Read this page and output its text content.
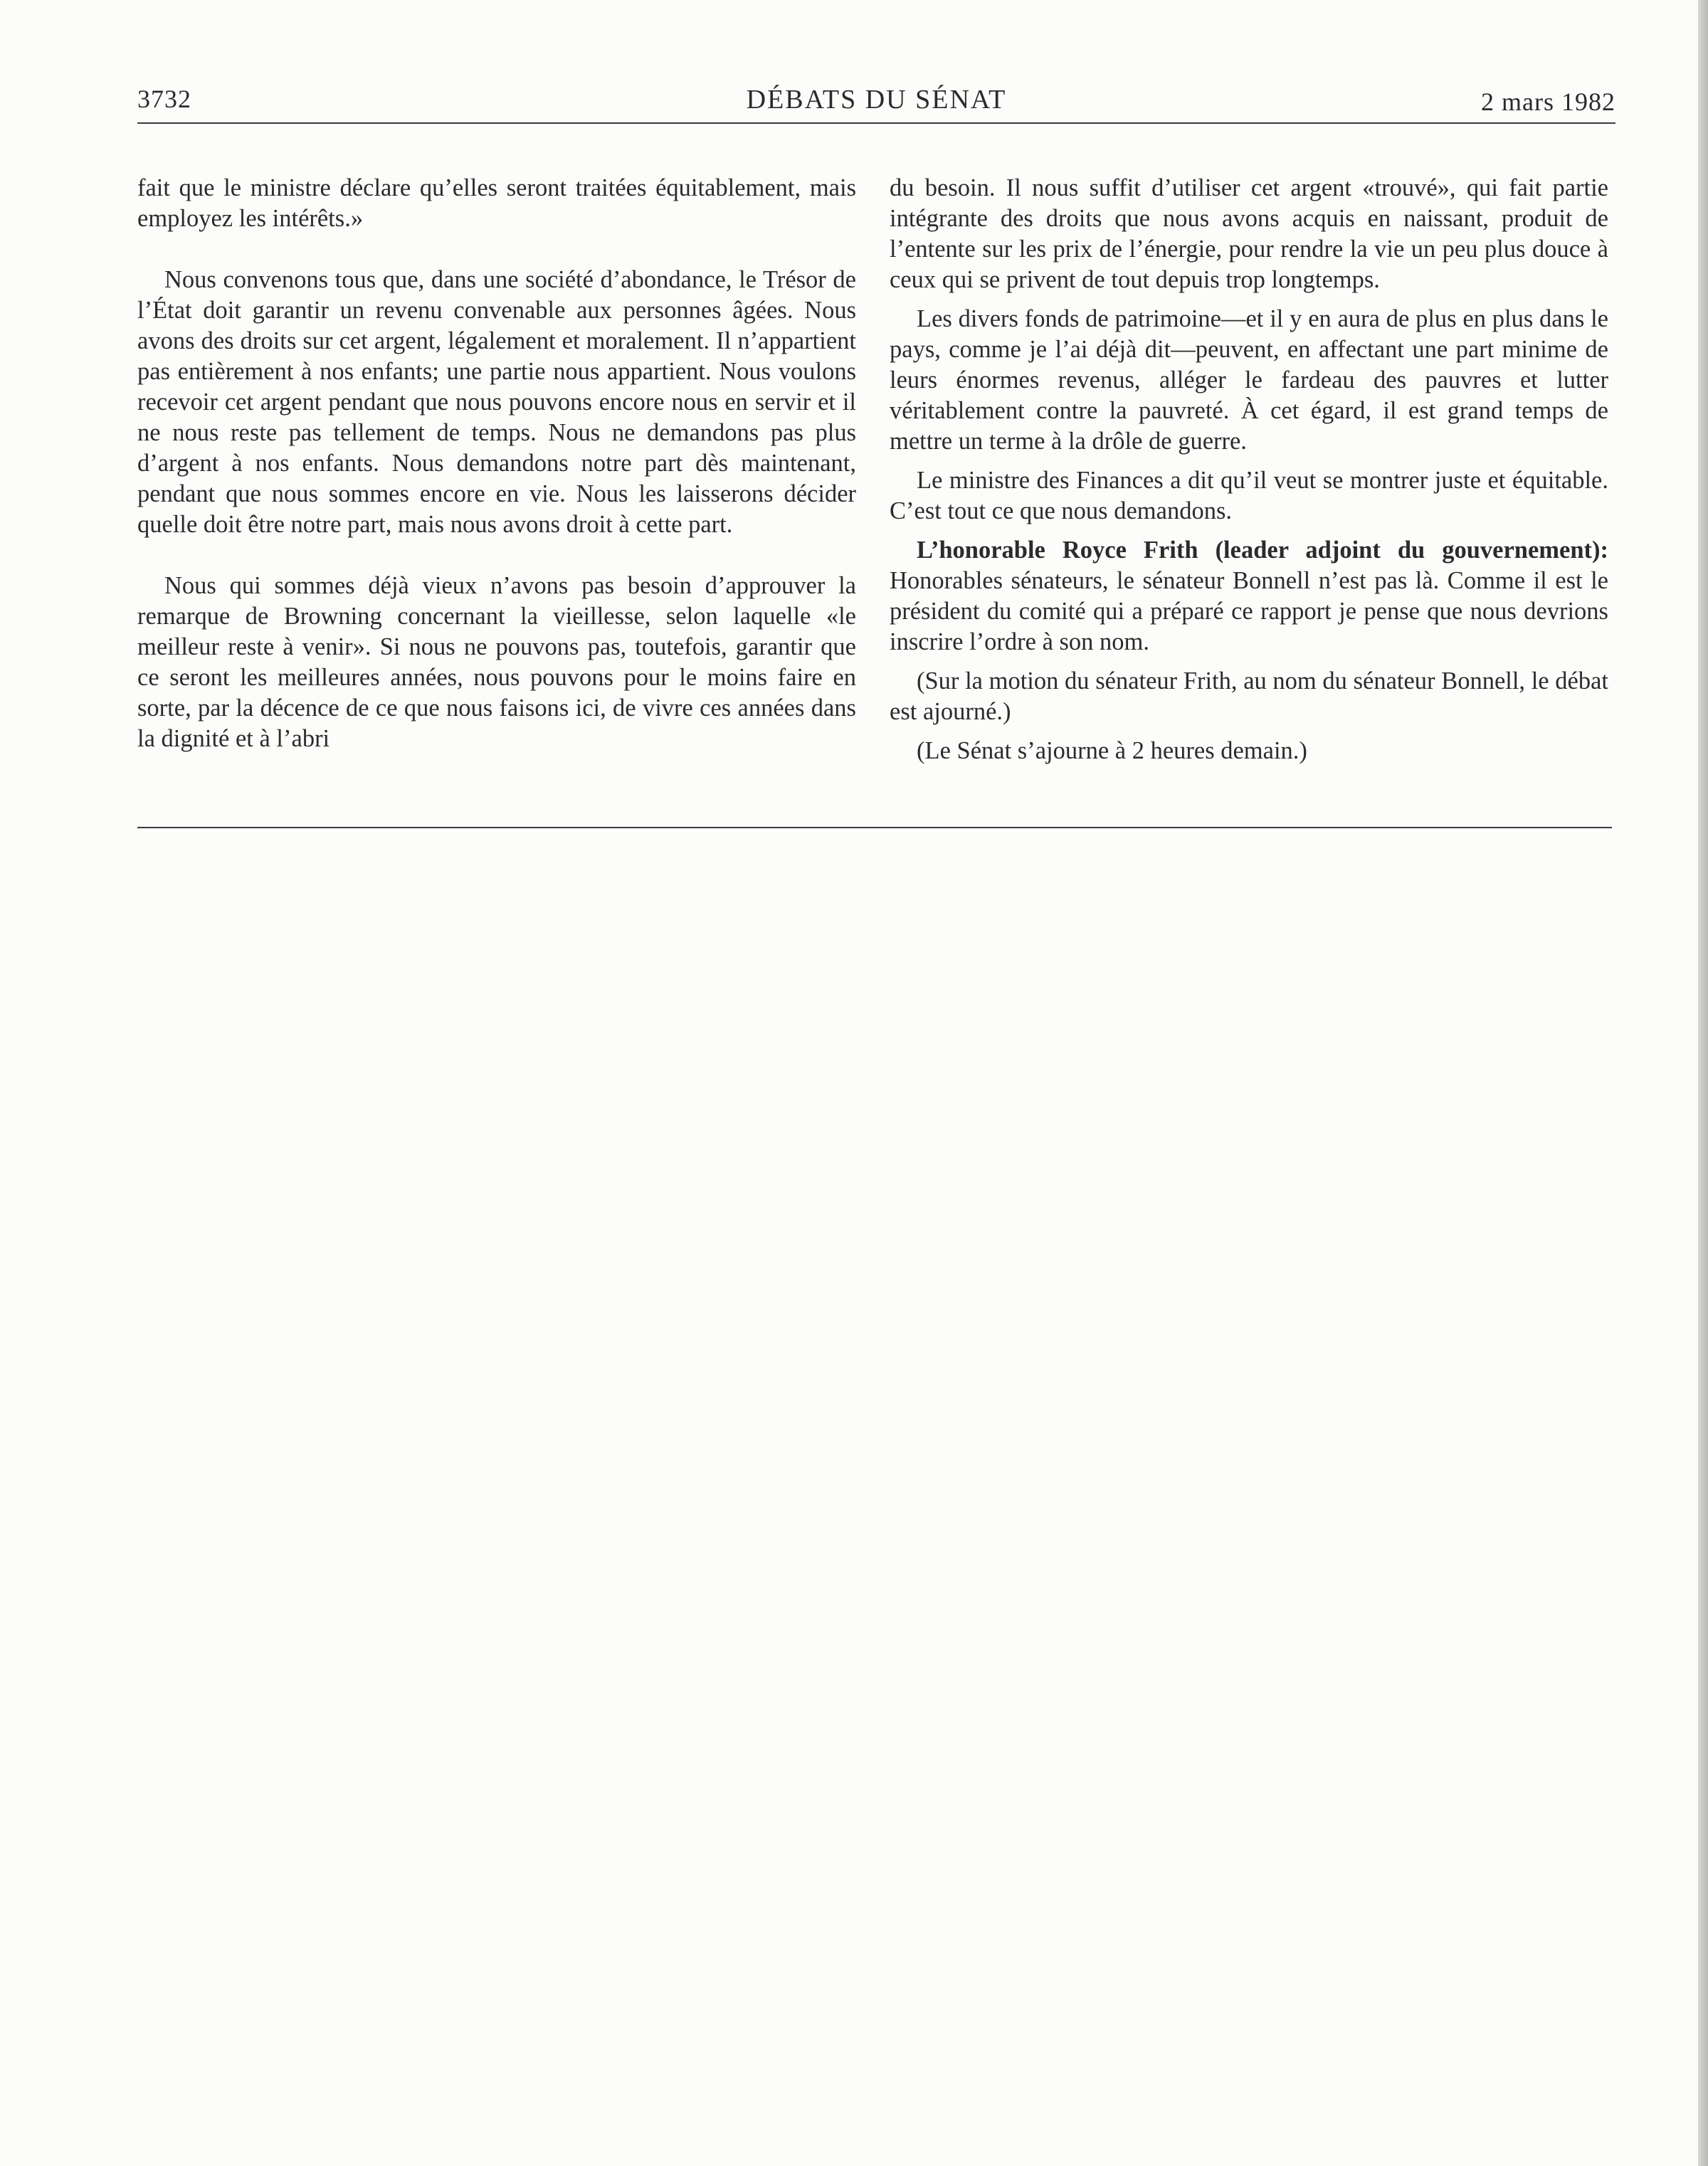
3732	DÉBATS DU SÉNAT	2 mars 1982

fait que le ministre déclare qu’elles seront traitées équitablement, mais employez les intérêts.»

Nous convenons tous que, dans une société d’abondance, le Trésor de l’État doit garantir un revenu convenable aux personnes âgées. Nous avons des droits sur cet argent, légalement et moralement. Il n’appartient pas entièrement à nos enfants; une partie nous appartient. Nous voulons recevoir cet argent pendant que nous pouvons encore nous en servir et il ne nous reste pas tellement de temps. Nous ne demandons pas plus d’argent à nos enfants. Nous demandons notre part dès maintenant, pendant que nous sommes encore en vie. Nous les laisserons décider quelle doit être notre part, mais nous avons droit à cette part.

Nous qui sommes déjà vieux n’avons pas besoin d’approuver la remarque de Browning concernant la vieillesse, selon laquelle «le meilleur reste à venir». Si nous ne pouvons pas, toutefois, garantir que ce seront les meilleures années, nous pouvons pour le moins faire en sorte, par la décence de ce que nous faisons ici, de vivre ces années dans la dignité et à l’abri

du besoin. Il nous suffit d’utiliser cet argent «trouvé», qui fait partie intégrante des droits que nous avons acquis en naissant, produit de l’entente sur les prix de l’énergie, pour rendre la vie un peu plus douce à ceux qui se privent de tout depuis trop longtemps.

Les divers fonds de patrimoine—et il y en aura de plus en plus dans le pays, comme je l’ai déjà dit—peuvent, en affectant une part minime de leurs énormes revenus, alléger le fardeau des pauvres et lutter véritablement contre la pauvreté. À cet égard, il est grand temps de mettre un terme à la drôle de guerre.

Le ministre des Finances a dit qu’il veut se montrer juste et équitable. C’est tout ce que nous demandons.

L’honorable Royce Frith (leader adjoint du gouvernement): Honorables sénateurs, le sénateur Bonnell n’est pas là. Comme il est le président du comité qui a préparé ce rapport je pense que nous devrions inscrire l’ordre à son nom.

(Sur la motion du sénateur Frith, au nom du sénateur Bonnell, le débat est ajourné.)

(Le Sénat s’ajourne à 2 heures demain.)
